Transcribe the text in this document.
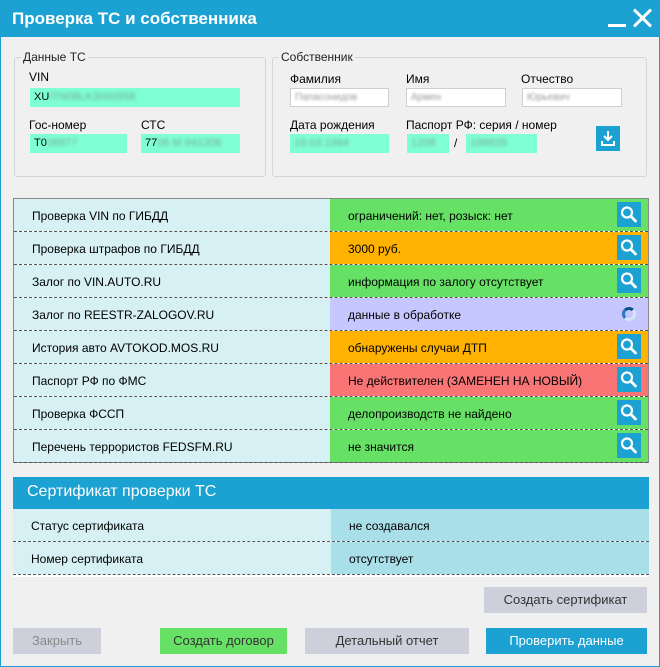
Проверка ТС и собственника
Данные ТС
VIN
XUITN08LK3000558
Гос-номер
Т008877
СТС
7706 М 641206
Собственник
Фамилия
Папасонидов
Имя
Армен
Отчество
Юрьевич
Дата рождения
19.03.1964
Паспорт РФ: серия / номер
1208	/	186839
Проверка VIN по ГИБДД	ограничений: нет, розыск: нет
Проверка штрафов по ГИБДД	3000 руб.
Залог по VIN.AUTO.RU	информация по залогу отсутствует
Залог по REESTR-ZALOGOV.RU	данные в обработке
История авто AVTOKOD.MOS.RU	обнаружены случаи ДТП
Паспорт РФ по ФМС	Не действителен (ЗАМЕНЕН НА НОВЫЙ)
Проверка ФССП	делопроизводств не найдено
Перечень террористов FEDSFM.RU	не значится
Сертификат проверки ТС
Статус сертификата	не создавался
Номер сертификата	отсутствует
Создать сертификат
Закрыть	Создать договор	Детальный отчет	Проверить данные
